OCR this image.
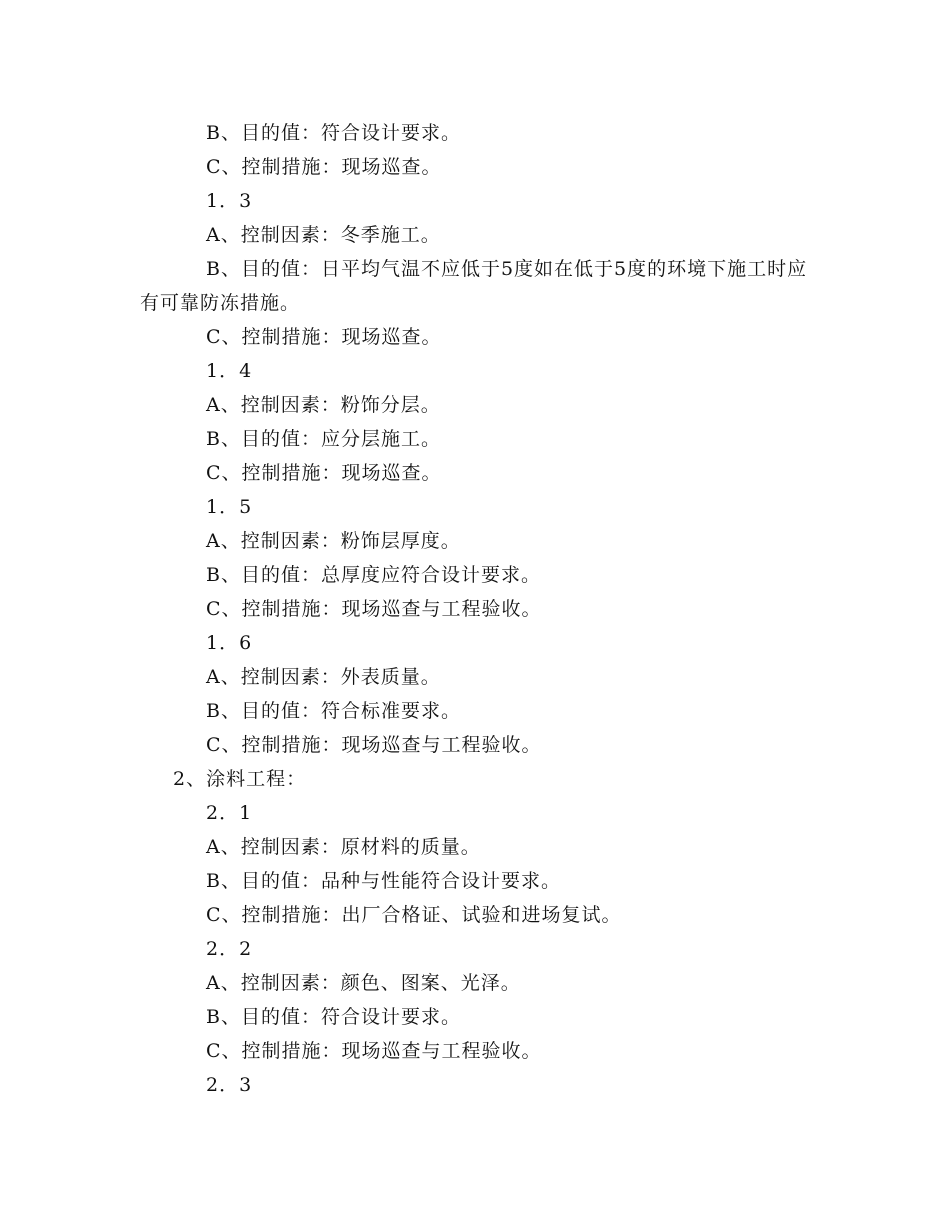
B、目的值：符合设计要求。
C、控制措施：现场巡查。
1．3
A、控制因素：冬季施工。
B、目的值：日平均气温不应低于5度如在低于5度的环境下施工时应有可靠防冻措施。
C、控制措施：现场巡查。
1．4
A、控制因素：粉饰分层。
B、目的值：应分层施工。
C、控制措施：现场巡查。
1．5
A、控制因素：粉饰层厚度。
B、目的值：总厚度应符合设计要求。
C、控制措施：现场巡查与工程验收。
1．6
A、控制因素：外表质量。
B、目的值：符合标准要求。
C、控制措施：现场巡查与工程验收。
2、涂料工程：
2．1
A、控制因素：原材料的质量。
B、目的值：品种与性能符合设计要求。
C、控制措施：出厂合格证、试验和进场复试。
2．2
A、控制因素：颜色、图案、光泽。
B、目的值：符合设计要求。
C、控制措施：现场巡查与工程验收。
2．3
